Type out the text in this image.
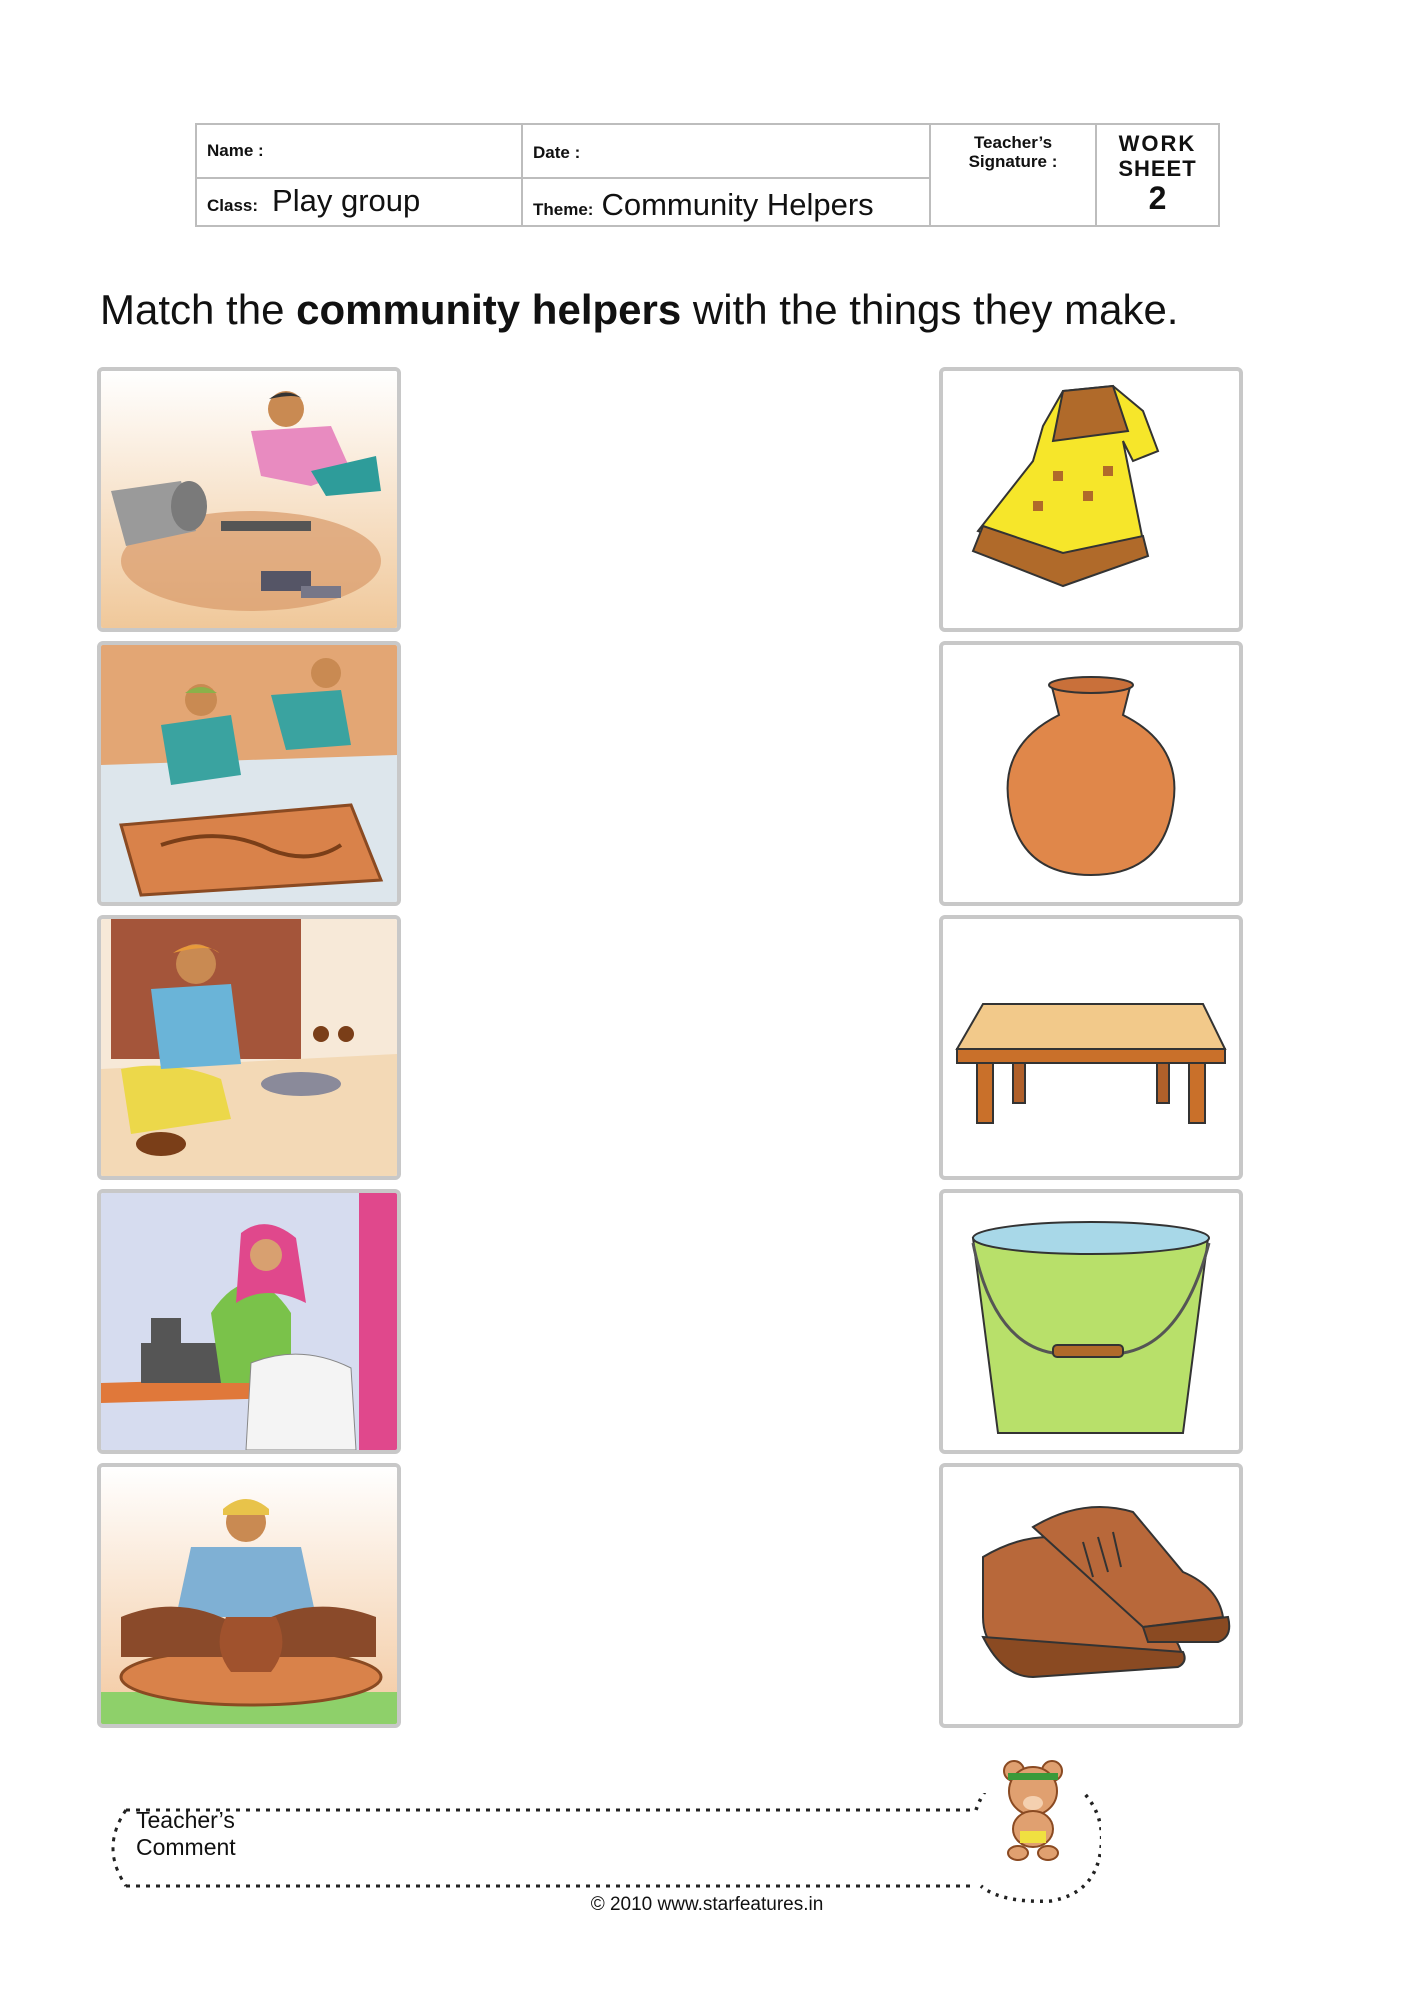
Name :	Date :
Class: Play group	Theme: Community Helpers
Teacher’s
Signature :
WORK
SHEET
2
Match the community helpers with the things they make.
Teacher’s
Comment
© 2010 www.starfeatures.in
